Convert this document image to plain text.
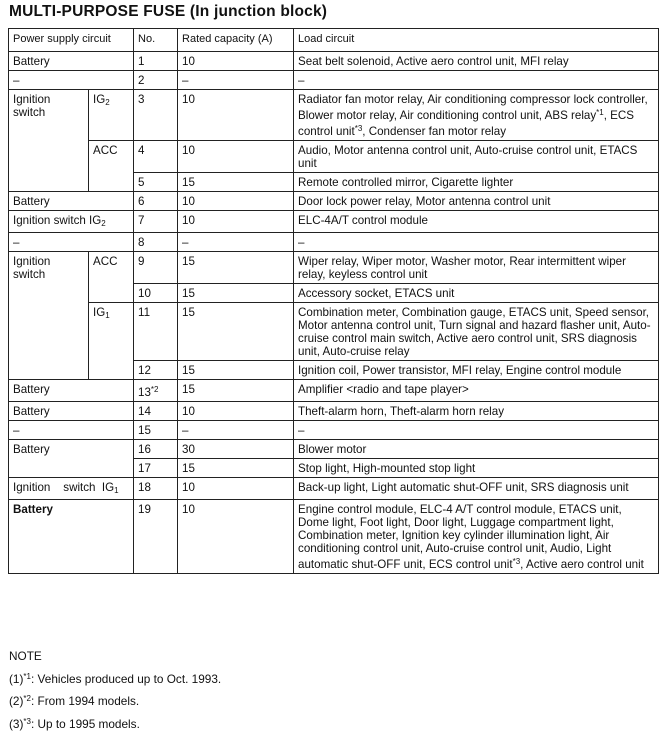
MULTI-PURPOSE FUSE (In junction block)
Power supply circuit		No.	Rated capacity (A)	Load circuit
Battery		1	10	Seat belt solenoid, Active aero control unit, MFI relay
–		2	–	–
Ignition switch	$IG_2$	3	10	Radiator fan motor relay, Air conditioning compressor lock controller, Blower motor relay, Air conditioning control unit, ABS relay$^{*1}$, ECS control unit$^{*3}$, Condenser fan motor relay
	ACC	4	10	Audio, Motor antenna control unit, Auto-cruise control unit, ETACS unit
		5	15	Remote controlled mirror, Cigarette lighter
Battery		6	10	Door lock power relay, Motor antenna control unit
Ignition switch $IG_2$		7	10	ELC-4A/T control module
–		8	–	–
Ignition switch	ACC	9	15	Wiper relay, Wiper motor, Washer motor, Rear intermittent wiper relay, keyless control unit
		10	15	Accessory socket, ETACS unit
	$IG_1$	11	15	Combination meter, Combination gauge, ETACS unit, Speed sensor, Motor antenna control unit, Turn signal and hazard flasher unit, Auto-cruise control main switch, Active aero control unit, SRS diagnosis unit, Auto-cruise relay
		12	15	Ignition coil, Power transistor, MFI relay, Engine control module
Battery		13$^{*2}$	15	Amplifier <radio and tape player>
Battery		14	10	Theft-alarm horn, Theft-alarm horn relay
–		15	–	–
Battery		16	30	Blower motor
		17	15	Stop light, High-mounted stop light
Ignition    switch  $IG_1$		18	10	Back-up light, Light automatic shut-OFF unit, SRS diagnosis unit
Battery		19	10	Engine control module, ELC-4 A/T control module, ETACS unit, Dome light, Foot light, Door light, Luggage compartment light, Combination meter, Ignition key cylinder illumination light, Air conditioning control unit, Auto-cruise control unit, Audio, Light automatic shut-OFF unit, ECS control unit$^{*3}$, Active aero control unit
NOTE
$(1)^{*1}$: Vehicles produced up to Oct. 1993.
$(2)^{*2}$: From 1994 models.
$(3)^{*3}$: Up to 1995 models.
